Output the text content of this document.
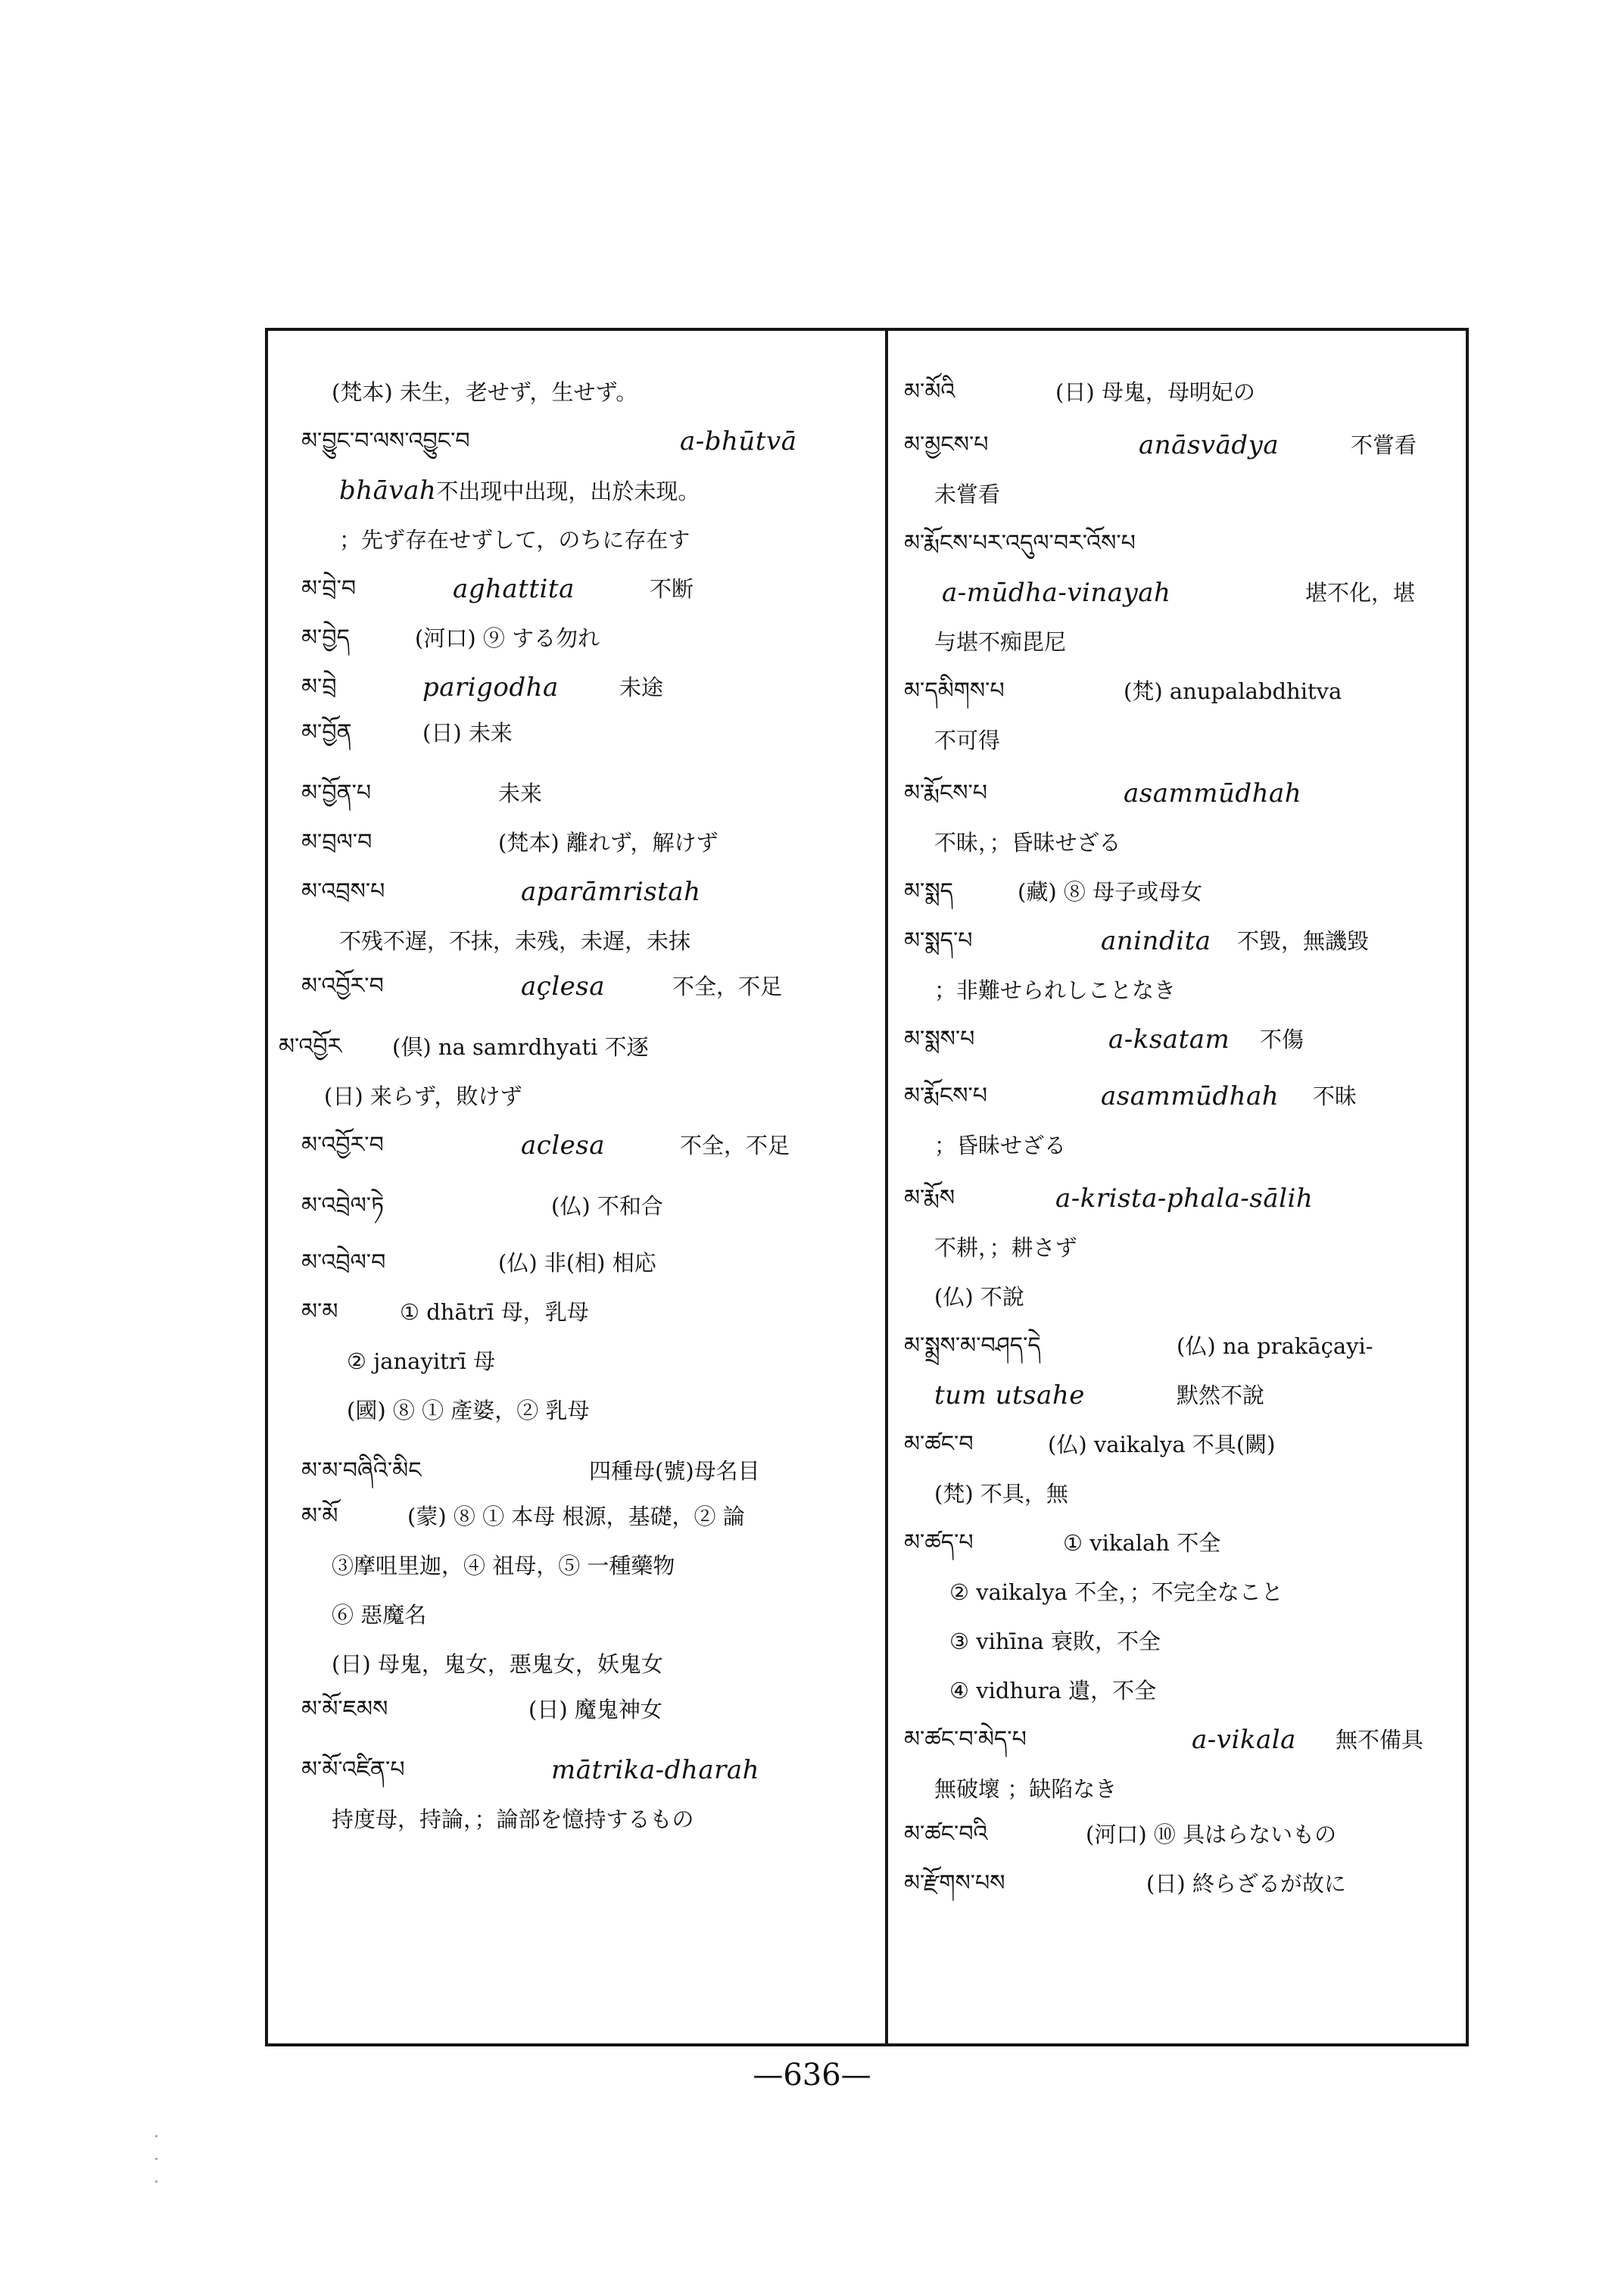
(梵本) 未生，老せず，生せず。
མ་བྱུང་བ་ལས་འབྱུང་བ	a-bhūtvā
bhāvah不出现中出现，出於未现。
；先ず存在せずして，のちに存在す
མ་བྲེ་བ	aghattita	不断
མ་བྱེད	(河口) ⑨ する勿れ
མ་བྲེ	parigodha	未途
མ་བྱོན	(日) 未来
མ་བྱོན་པ	未来
མ་བྲལ་བ	(梵本) 離れず，解けず
མ་འབྲས་པ	aparāmristah
不残不遅，不抹，未残，未遅，未抹
མ་འབྱོར་བ	açlesa	不全，不足
མ་འབྱོར (倶) na samrdhyati 不逐
(日) 来らず，敗けず
མ་འབྱོར་བ	aclesa	不全，不足
མ་འབྲེལ་ཏེ	(仏) 不和合
མ་འབྲེལ་བ	(仏) 非(相) 相応
མ་མ	① dhātrī 母，乳母
② janayitrī 母
(國) ⑧ ① 產婆，② 乳母
མ་མ་བཞིའི་མིང	四種母(號)母名目
མ་མོ	(蒙) ⑧ ① 本母 根源，基礎，② 論
③摩咀里迦，④ 祖母，⑤ 一種藥物
⑥ 惡魔名
(日) 母鬼，鬼女，悪鬼女，妖鬼女
མ་མོ་ཇམས	(日) 魔鬼神女
མ་མོ་འཛིན་པ	mātrika-dharah
持度母，持論，；論部を憶持するもの
མ་མོའི	(日) 母鬼，母明妃の
མ་མྱངས་པ	anāsvādya	不嘗看
未嘗看
མ་རྨོངས་པར་འདུལ་བར་འོས་པ
a-mūdha-vinayah	堪不化，堪
与堪不痴毘尼
མ་དམིགས་པ	(梵) anupalabdhitva
不可得
མ་རྨོངས་པ	asammūdhah
不昧，；昏昧せざる
མ་སྨད	(藏) ⑧ 母子或母女
མ་སྨད་པ	anindita 不毀，無譏毀
；非難せられしことなき
མ་སྨས་པ	a-ksatam 不傷
མ་རྨོངས་པ	asammūdhah 不昧
；昏昧せざる
མ་རྨོས	a-krista-phala-sālih
不耕，；耕さず
(仏) 不說
མ་སྨྲས་མ་བཤད་དེ	(仏) na prakāçayi-
tum utsahe	默然不說
མ་ཚང་བ	(仏) vaikalya 不具(闕)
(梵) 不具，無
མ་ཚད་པ	① vikalah 不全
② vaikalya 不全，；不完全なこと
③ vihīna 衰敗，不全
④ vidhura 遺，不全
མ་ཚང་བ་མེད་པ	a-vikala 無不備具
無破壞 ；缺陷なき
མ་ཚང་བའི	(河口) ⑩ 具はらないもの
མ་རྫོགས་པས	(日) 終らざるが故に
—636—
